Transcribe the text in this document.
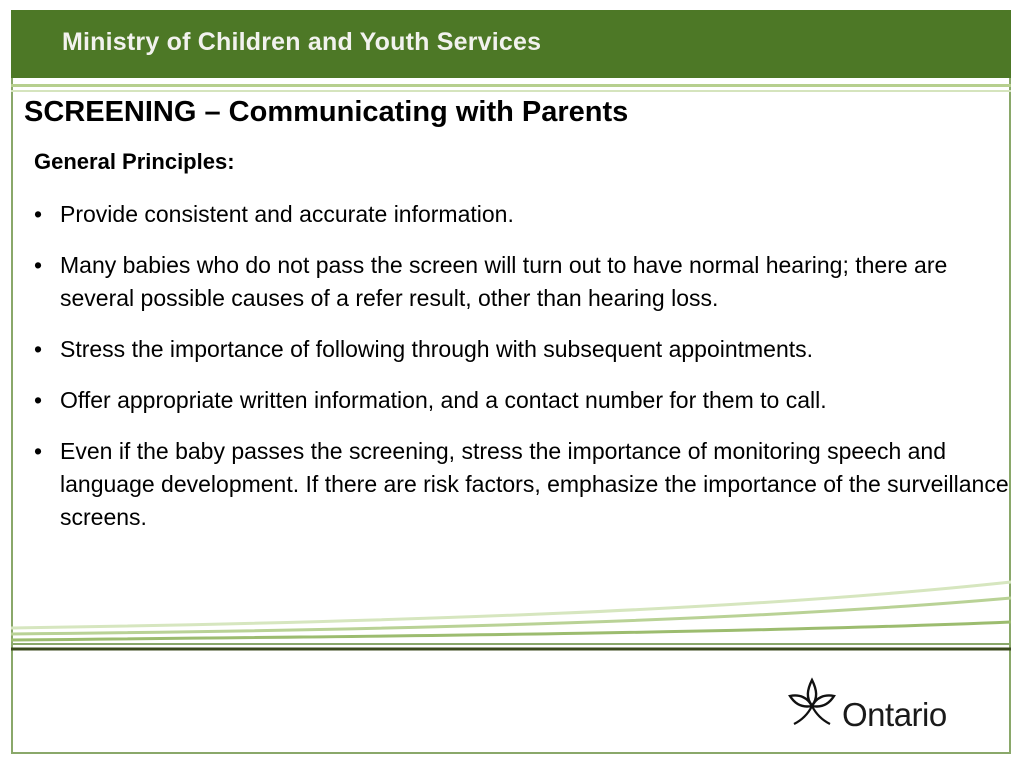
Ministry of Children and Youth Services
SCREENING – Communicating with Parents
General Principles:
• Provide consistent and accurate information.
• Many babies who do not pass the screen will turn out to have normal hearing; there are several possible causes of a refer result, other than hearing loss.
• Stress the importance of following through with subsequent appointments.
• Offer appropriate written information, and a contact number for them to call.
• Even if the baby passes the screening, stress the importance of monitoring speech and language development. If there are risk factors, emphasize the importance of the surveillance screens.
Ontario
